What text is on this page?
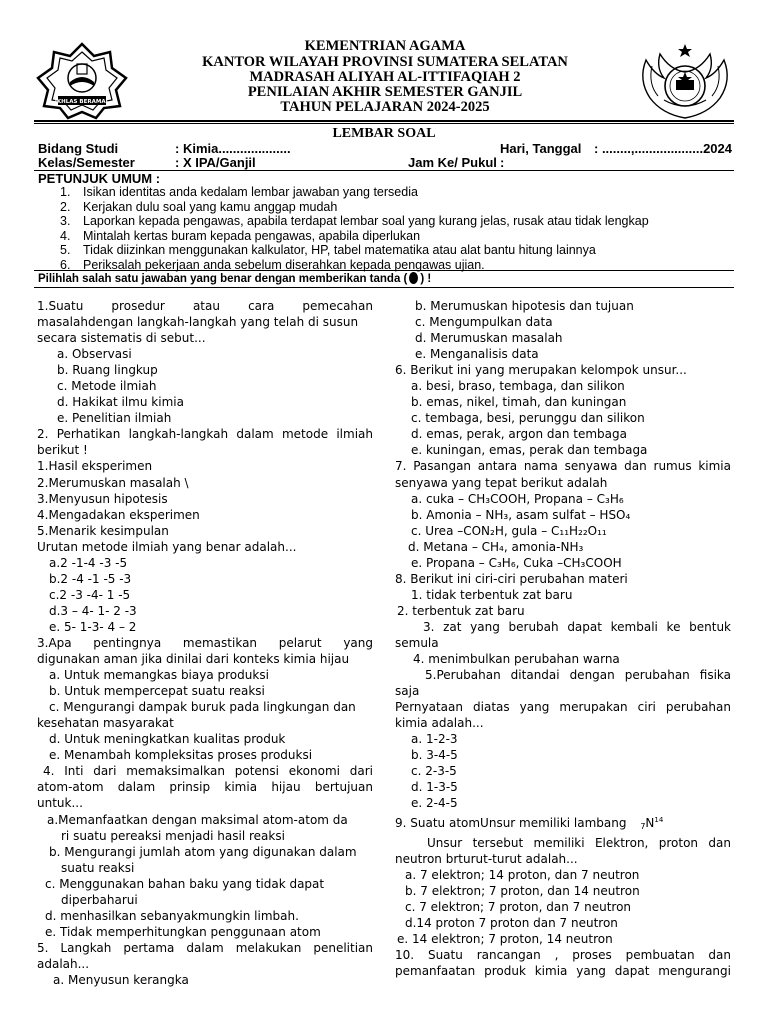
IKHLAS BERAMAL
KEMENTRIAN AGAMA
KANTOR WILAYAH PROVINSI SUMATERA SELATAN
MADRASAH ALIYAH AL-ITTIFAQIAH 2
PENILAIAN AKHIR SEMESTER GANJIL
TAHUN PELAJARAN 2024-2025
LEMBAR SOAL
Bidang Studi	: Kimia....................	Hari, Tanggal : ........,...................2024
Kelas/Semester	: X IPA/Ganjil	Jam Ke/ Pukul :
PETUNJUK UMUM :
1. Isikan identitas anda kedalam lembar jawaban yang tersedia
2. Kerjakan dulu soal yang kamu anggap mudah
3. Laporkan kepada pengawas, apabila terdapat lembar soal yang kurang jelas, rusak atau tidak lengkap
4. Mintalah kertas buram kepada pengawas, apabila diperlukan
5. Tidak diizinkan menggunakan kalkulator, HP, tabel matematika atau alat bantu hitung lainnya
6. Periksalah pekerjaan anda sebelum diserahkan kepada pengawas ujian.
Pilihlah salah satu jawaban yang benar dengan memberikan tanda ( ) !
1.Suatu prosedur atau cara pemecahan
masalahdengan langkah-langkah yang telah di susun
secara sistematis di sebut...
a. Observasi
b. Ruang lingkup
c. Metode ilmiah
d. Hakikat ilmu kimia
e. Penelitian ilmiah
2. Perhatikan langkah-langkah dalam metode ilmiah
berikut !
1.Hasil eksperimen
2.Merumuskan masalah \
3.Menyusun hipotesis
4.Mengadakan eksperimen
5.Menarik kesimpulan
Urutan metode ilmiah yang benar adalah...
a.2 -1-4 -3 -5
b.2 -4 -1 -5 -3
c.2 -3 -4- 1 -5
d.3 – 4- 1- 2 -3
e. 5- 1-3- 4 – 2
3.Apa pentingnya memastikan pelarut yang
digunakan aman jika dinilai dari konteks kimia hijau
a. Untuk memangkas biaya produksi
b. Untuk mempercepat suatu reaksi
c. Mengurangi dampak buruk pada lingkungan dan
kesehatan masyarakat
d. Untuk meningkatkan kualitas produk
e. Menambah kompleksitas proses produksi
4. Inti dari memaksimalkan potensi ekonomi dari
atom-atom dalam prinsip kimia hijau bertujuan
untuk...
a.Memanfaatkan dengan maksimal atom-atom da
ri suatu pereaksi menjadi hasil reaksi
b. Mengurangi jumlah atom yang digunakan dalam
suatu reaksi
c. Menggunakan bahan baku yang tidak dapat
diperbaharui
d. menhasilkan sebanyakmungkin limbah.
e. Tidak memperhitungkan penggunaan atom
5. Langkah pertama dalam melakukan penelitian
adalah...
a. Menyusun kerangka
b. Merumuskan hipotesis dan tujuan
c. Mengumpulkan data
d. Merumuskan masalah
e. Menganalisis data
6. Berikut ini yang merupakan kelompok unsur...
a. besi, braso, tembaga, dan silikon
b. emas, nikel, timah, dan kuningan
c. tembaga, besi, perunggu dan silikon
d. emas, perak, argon dan tembaga
e. kuningan, emas, perak dan tembaga
7. Pasangan antara nama senyawa dan rumus kimia
senyawa yang tepat berikut adalah
a. cuka – CH₃COOH, Propana – C₃H₆
b. Amonia – NH₃, asam sulfat – HSO₄
c. Urea –CON₂H, gula – C₁₁H₂₂O₁₁
d. Metana – CH₄, amonia-NH₃
e. Propana – C₃H₆, Cuka –CH₃COOH
8. Berikut ini ciri-ciri perubahan materi
1. tidak terbentuk zat baru
2. terbentuk zat baru
3. zat yang berubah dapat kembali ke bentuk
semula
4. menimbulkan perubahan warna
5.Perubahan ditandai dengan perubahan fisika
saja
Pernyataan diatas yang merupakan ciri perubahan
kimia adalah...
a. 1-2-3
b. 3-4-5
c. 2-3-5
d. 1-3-5
e. 2-4-5
9. Suatu atomUnsur memiliki lambang $_7N^{14}$
Unsur tersebut memiliki Elektron, proton dan
neutron brturut-turut adalah...
a. 7 elektron; 14 proton, dan 7 neutron
b. 7 elektron; 7 proton, dan 14 neutron
c. 7 elektron; 7 proton, dan 7 neutron
d.14 proton 7 proton dan 7 neutron
e. 14 elektron; 7 proton, 14 neutron
10. Suatu rancangan , proses pembuatan dan
pemanfaatan produk kimia yang dapat mengurangi
